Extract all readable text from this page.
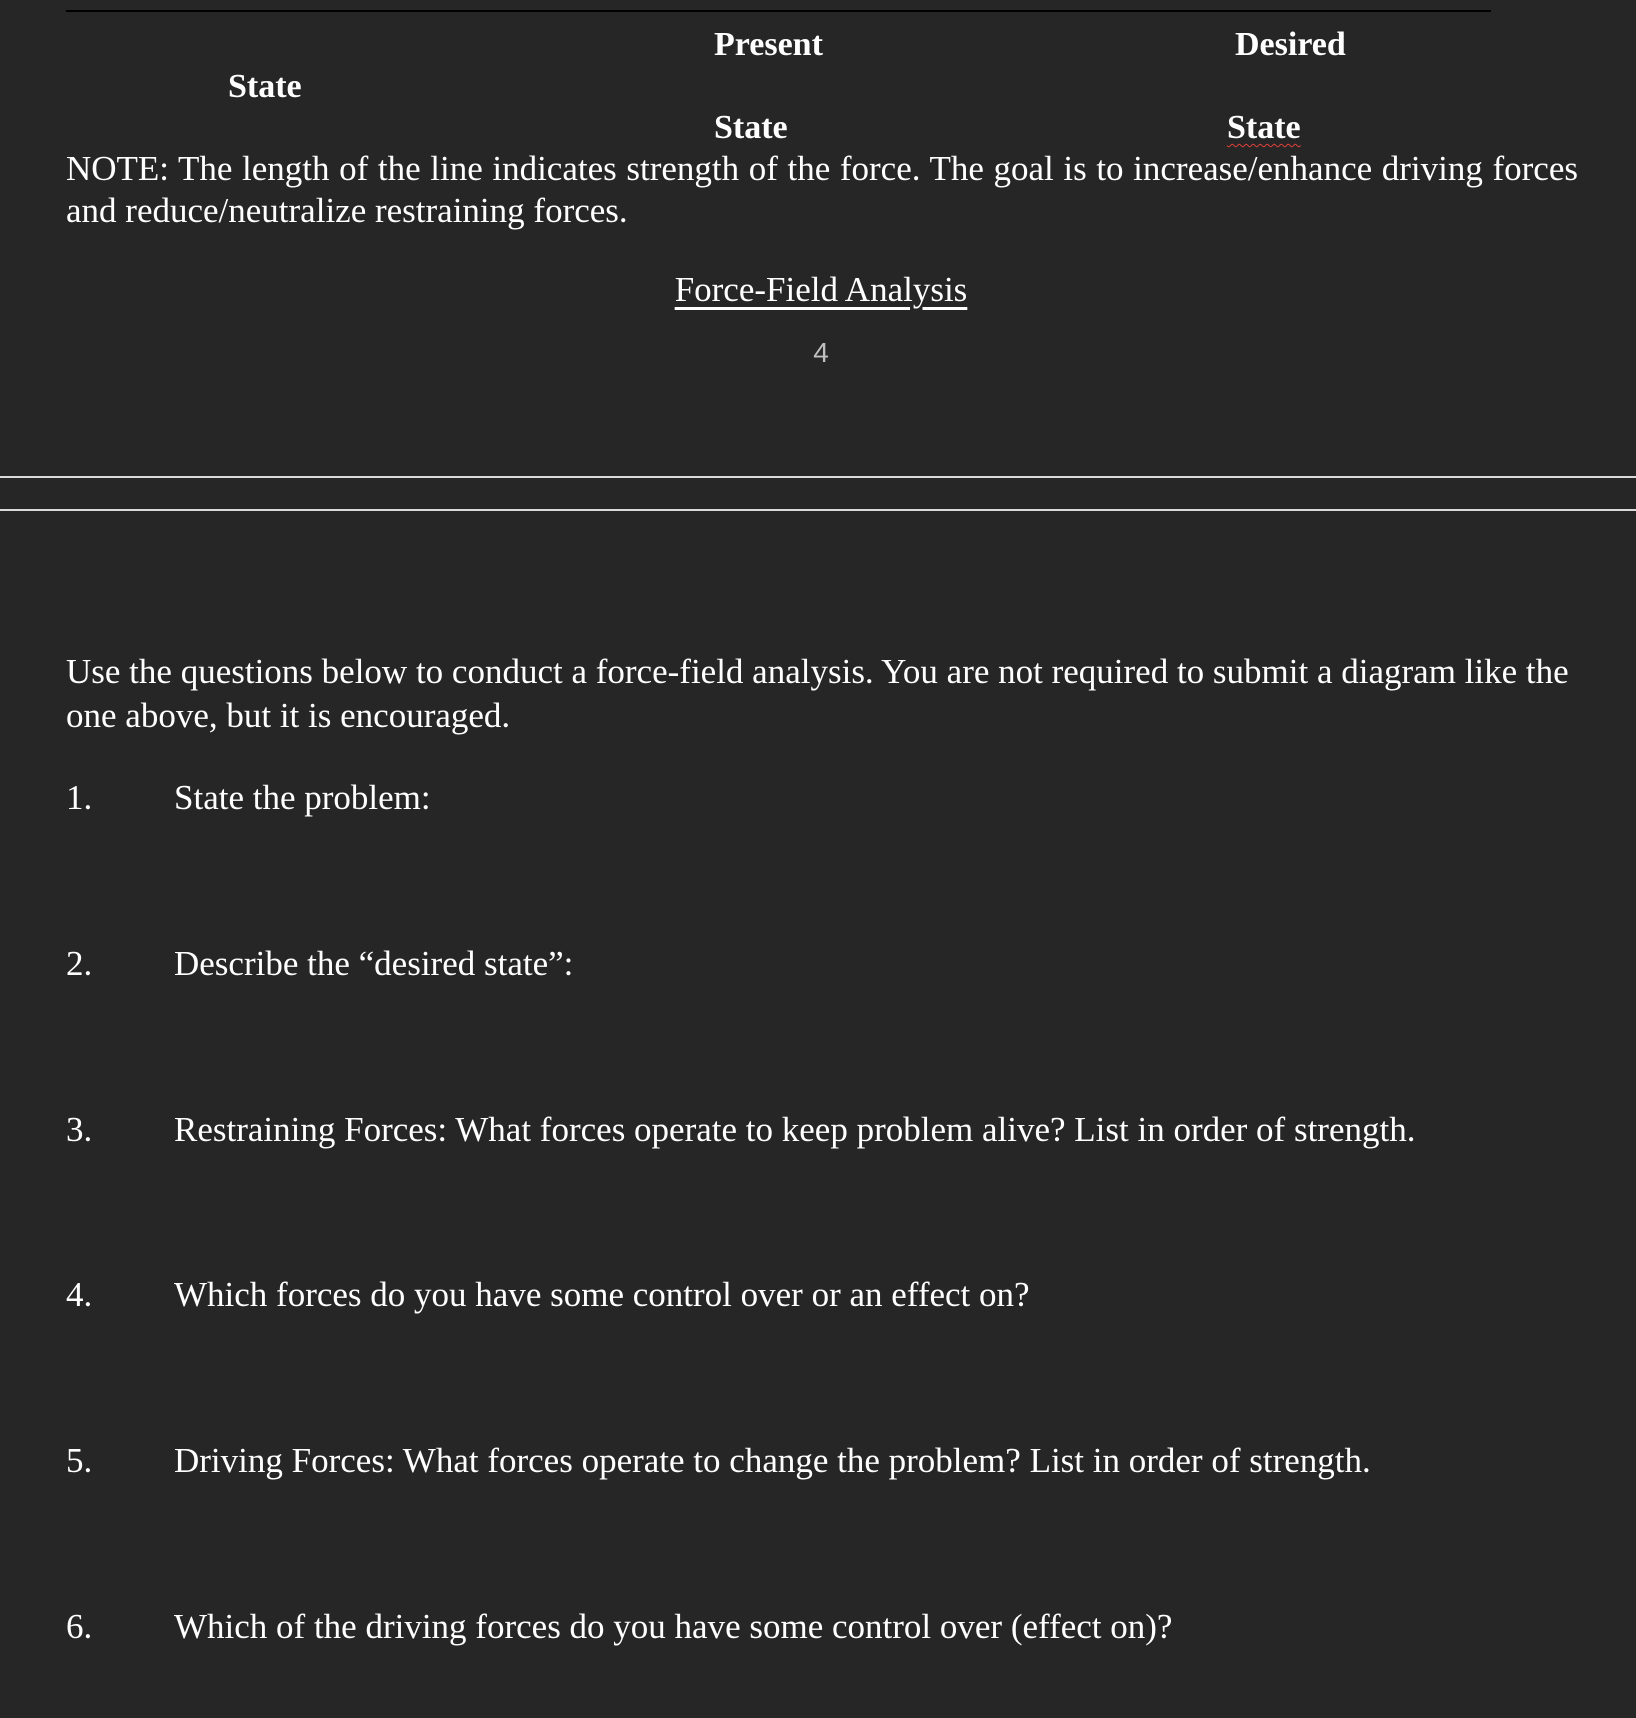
Present	Desired
State
State	State
NOTE: The length of the line indicates strength of the force. The goal is to increase/enhance driving forces and reduce/neutralize restraining forces.
Force-Field Analysis
4
Use the questions below to conduct a force-field analysis. You are not required to submit a diagram like the one above, but it is encouraged.
1. State the problem:
2. Describe the “desired state”:
3. Restraining Forces: What forces operate to keep problem alive? List in order of strength.
4. Which forces do you have some control over or an effect on?
5. Driving Forces: What forces operate to change the problem? List in order of strength.
6. Which of the driving forces do you have some control over (effect on)?
